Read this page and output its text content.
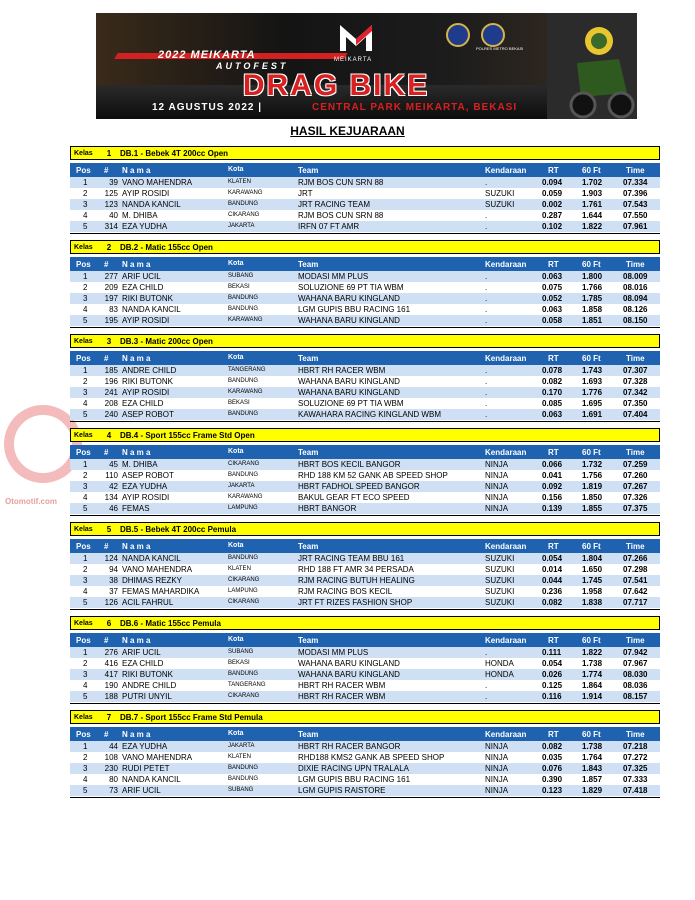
2022 MEIKARTA
AUTOFEST
MEIKARTA
POLRES METRO BEKASI
DRAG BIKE
12 AGUSTUS 2022 |	CENTRAL PARK MEIKARTA, BEKASI
HASIL KEJUARAAN
Otomotif.com
Kelas	1	DB.1 - Bebek 4T 200cc Open
Pos # N a m a	Kota	Team	Kendaraan	RT	60 Ft	Time
1	39 VANO MAHENDRA	KLATEN	RJM BOS CUN SRN 88	.	0.094 1.702	07.334
2	125 AYIP ROSIDI	KARAWANG	JRT	SUZUKI	0.059 1.903	07.396
3	123 NANDA KANCIL	BANDUNG	JRT RACING TEAM	SUZUKI	0.002 1.761	07.543
4	40 M. DHIBA	CIKARANG	RJM BOS CUN SRN 88	.	0.287 1.644	07.550
5	314 EZA YUDHA	JAKARTA	IRFN 07 FT AMR	.	0.102 1.822	07.961
Kelas	2	DB.2 - Matic 155cc Open
Pos # N a m a	Kota	Team	Kendaraan	RT	60 Ft	Time
1	277 ARIF UCIL	SUBANG	MODASI MM PLUS	.	0.063 1.800	08.009
2	209 EZA CHILD	BEKASI	SOLUZIONE 69 PT TIA WBM	.	0.075 1.766	08.016
3	197 RIKI BUTONK	BANDUNG	WAHANA BARU KINGLAND	.	0.052 1.785	08.094
4	83 NANDA KANCIL	BANDUNG	LGM GUPIS BBU RACING 161	.	0.063 1.858	08.126
5	195 AYIP ROSIDI	KARAWANG	WAHANA BARU KINGLAND	.	0.058 1.851	08.150
Kelas	3	DB.3 - Matic 200cc Open
Pos # N a m a	Kota	Team	Kendaraan	RT	60 Ft	Time
1	185 ANDRE CHILD	TANGERANG	HBRT RH RACER WBM	.	0.078 1.743	07.307
2	196 RIKI BUTONK	BANDUNG	WAHANA BARU KINGLAND	.	0.082 1.693	07.328
3	241 AYIP ROSIDI	KARAWANG	WAHANA BARU KINGLAND	.	0.170 1.776	07.342
4	208 EZA CHILD	BEKASI	SOLUZIONE 69 PT TIA WBM	.	0.085 1.695	07.350
5	240 ASEP ROBOT	BANDUNG	KAWAHARA RACING KINGLAND WBM	.	0.063 1.691	07.404
Kelas	4	DB.4 - Sport 155cc Frame Std Open
Pos # N a m a	Kota	Team	Kendaraan	RT	60 Ft	Time
1	45 M. DHIBA	CIKARANG	HBRT BOS KECIL BANGOR	NINJA	0.066 1.732	07.259
2	110 ASEP ROBOT	BANDUNG	RHD 188 KM 52 GANK AB SPEED SHOP	NINJA	0.041 1.756	07.260
3	42 EZA YUDHA	JAKARTA	HBRT FADHOL SPEED BANGOR	NINJA	0.092 1.819	07.267
4	134 AYIP ROSIDI	KARAWANG	BAKUL GEAR FT ECO SPEED	NINJA	0.156 1.850	07.326
5	46 FEMAS	LAMPUNG	HBRT BANGOR	NINJA	0.139 1.855	07.375
Kelas	5	DB.5 - Bebek 4T 200cc Pemula
Pos # N a m a	Kota	Team	Kendaraan	RT	60 Ft	Time
1	124 NANDA KANCIL	BANDUNG	JRT RACING TEAM BBU 161	SUZUKI	0.054 1.804	07.266
2	94 VANO MAHENDRA	KLATEN	RHD 188 FT AMR 34 PERSADA	SUZUKI	0.014 1.650	07.298
3	38 DHIMAS REZKY	CIKARANG	RJM RACING BUTUH HEALING	SUZUKI	0.044 1.745	07.541
4	37 FEMAS MAHARDIKA	LAMPUNG	RJM RACING BOS KECIL	SUZUKI	0.236 1.958	07.642
5	126 ACIL FAHRUL	CIKARANG	JRT FT RIZES FASHION SHOP	SUZUKI	0.082 1.838	07.717
Kelas	6	DB.6 - Matic 155cc Pemula
Pos # N a m a	Kota	Team	Kendaraan	RT	60 Ft	Time
1	276 ARIF UCIL	SUBANG	MODASI MM PLUS	.	0.111	1.822	07.942
2	416 EZA CHILD	BEKASI	WAHANA BARU KINGLAND	HONDA	0.054 1.738	07.967
3	417 RIKI BUTONK	BANDUNG	WAHANA BARU KINGLAND	HONDA	0.026 1.774	08.030
4	190 ANDRE CHILD	TANGERANG	HBRT RH RACER WBM	.	0.125 1.864	08.036
5	188 PUTRI UNYIL	CIKARANG	HBRT RH RACER WBM	.	0.116	1.914	08.157
Kelas	7	DB.7 - Sport 155cc Frame Std Pemula
Pos # N a m a	Kota	Team	Kendaraan	RT	60 Ft	Time
1	44 EZA YUDHA	JAKARTA	HBRT RH RACER BANGOR	NINJA	0.082 1.738	07.218
2	108 VANO MAHENDRA	KLATEN	RHD188 KMS2 GANK AB SPEED SHOP	NINJA	0.035 1.764	07.272
3	230 RUDI PETET	BANDUNG	DIXIE RACING UPN TRALALA	NINJA	0.076 1.843	07.325
4	80 NANDA KANCIL	BANDUNG	LGM GUPIS BBU RACING 161	NINJA	0.390 1.857	07.333
5	73 ARIF UCIL	SUBANG	LGM GUPIS RAISTORE	NINJA	0.123 1.829	07.418
